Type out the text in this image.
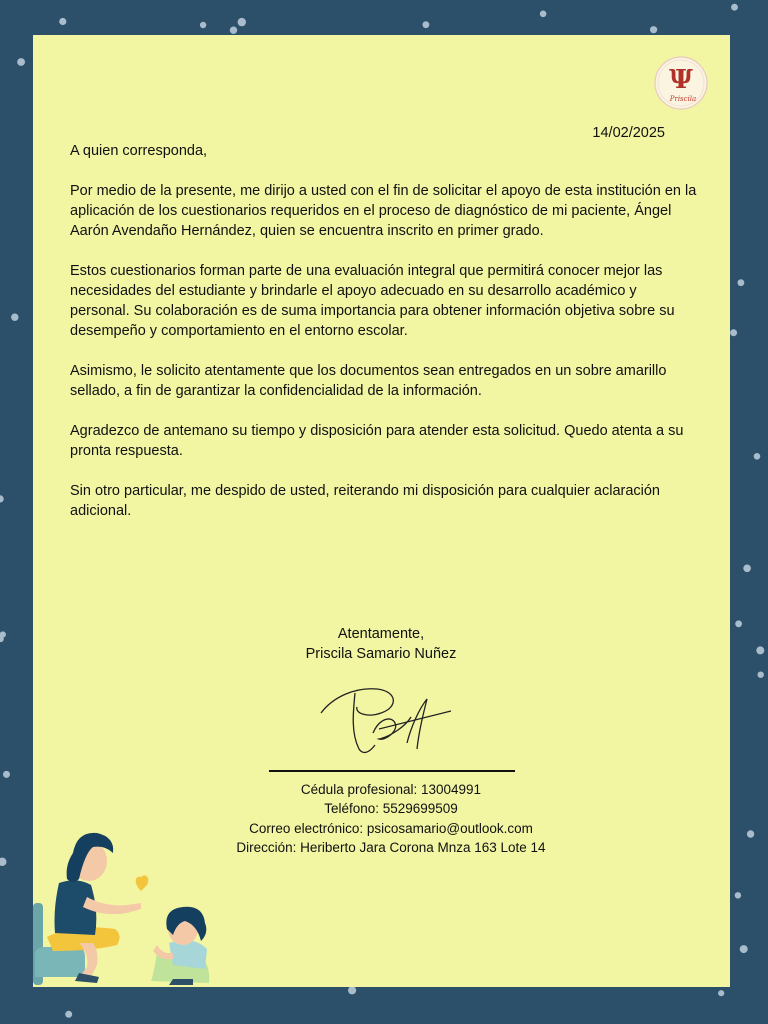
Ψ
Priscila
14/02/2025

A quien corresponda,

Por medio de la presente, me dirijo a usted con el fin de solicitar el apoyo de esta institución en la aplicación de los cuestionarios requeridos en el proceso de diagnóstico de mi paciente, Ángel Aarón Avendaño Hernández, quien se encuentra inscrito en primer grado.

Estos cuestionarios forman parte de una evaluación integral que permitirá conocer mejor las necesidades del estudiante y brindarle el apoyo adecuado en su desarrollo académico y personal. Su colaboración es de suma importancia para obtener información objetiva sobre su desempeño y comportamiento en el entorno escolar.

Asimismo, le solicito atentamente que los documentos sean entregados en un sobre amarillo sellado, a fin de garantizar la confidencialidad de la información.

Agradezco de antemano su tiempo y disposición para atender esta solicitud. Quedo atenta a su pronta respuesta.

Sin otro particular, me despido de usted, reiterando mi disposición para cualquier aclaración adicional.

Atentamente,
Priscila Samario Nuñez
Cédula profesional: 13004991
Teléfono: 5529699509
Correo electrónico: psicosamario@outlook.com
Dirección: Heriberto Jara Corona Mnza 163 Lote 14
